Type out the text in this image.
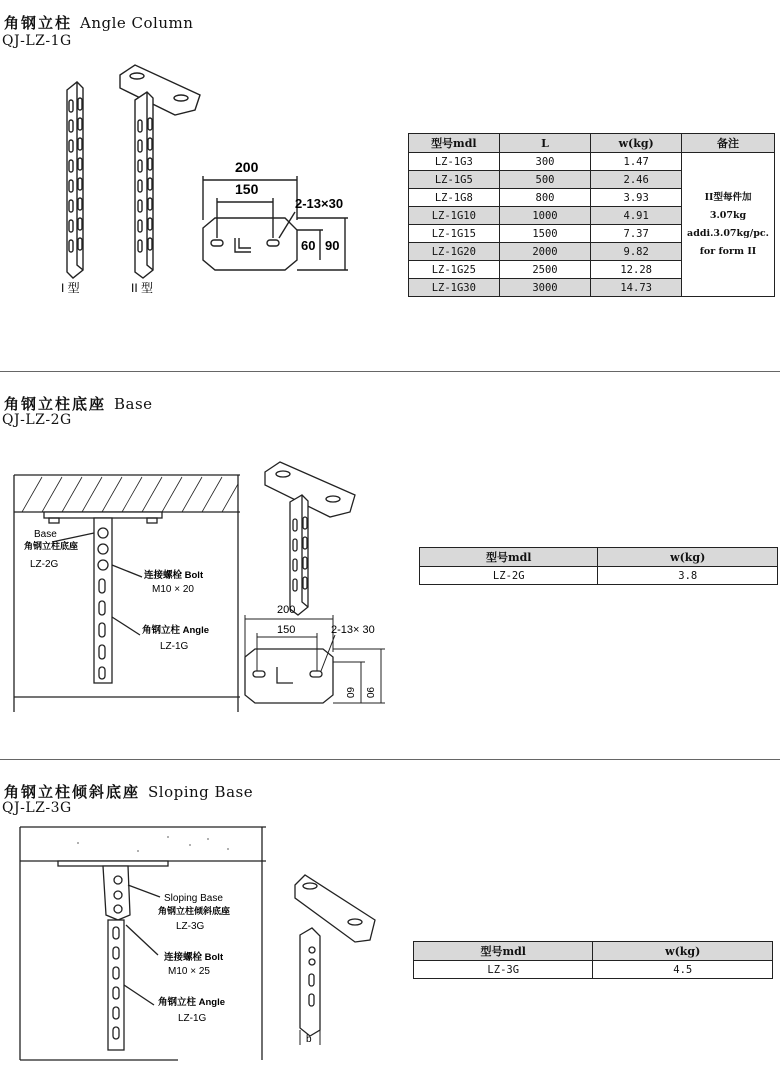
角钢立柱 Angle Column
QJ-LZ-1G
I 型	II 型
200
150
2-13×30
60 90
型号mdl	L	w(kg)	备注
LZ-1G3	300	1.47	II型每件加
3.07kg
addi.3.07kg/pc.
for form II

LZ-1G5	500	2.46	
LZ-1G8	800	3.93	
LZ-1G10	1000	4.91	
LZ-1G15	1500	7.37	
LZ-1G20	2000	9.82	
LZ-1G25	2500	12.28	
LZ-1G30	3000	14.73	
角钢立柱底座 Base
QJ-LZ-2G
Base
角钢立柱底座
LZ-2G
连接螺栓 Bolt
M10 × 20
角钢立柱 Angle
LZ-1G
200
150	2-13× 30
60 90
型号mdl	w(kg)
LZ-2G	3.8
角钢立柱倾斜底座 Sloping Base
QJ-LZ-3G
Sloping Base
角钢立柱倾斜底座
LZ-3G
连接螺栓 Bolt
M10 × 25
角钢立柱 Angle
LZ-1G
b
型号mdl	w(kg)
LZ-3G	4.5
